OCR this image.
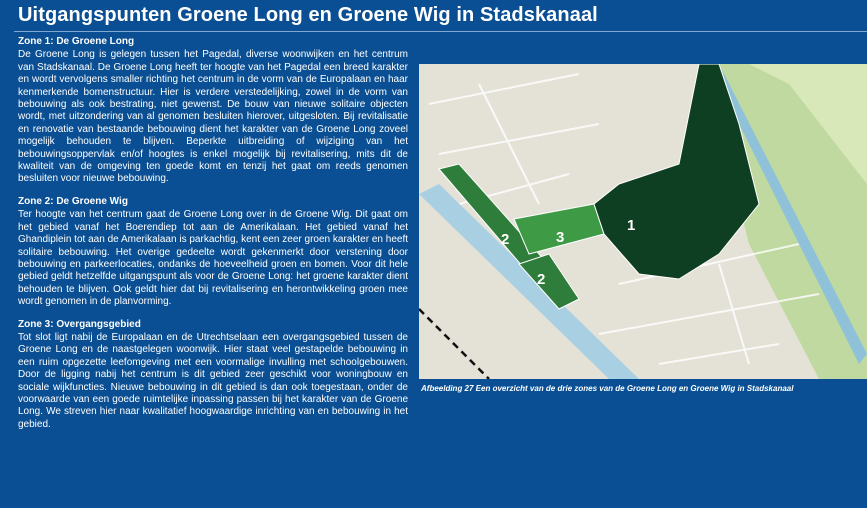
Uitgangspunten Groene Long en Groene Wig in Stadskanaal
Zone 1: De Groene Long

De Groene Long is gelegen tussen het Pagedal, diverse woonwijken en het centrum van Stadskanaal. De Groene Long heeft ter hoogte van het Pagedal een breed karakter en wordt vervolgens smaller richting het centrum in de vorm van de Europalaan en haar kenmerkende bomenstructuur. Hier is verdere verstedelijking, zowel in de vorm van bebouwing als ook bestrating, niet gewenst. De bouw van nieuwe solitaire objecten wordt, met uitzondering van al genomen besluiten hierover, uitgesloten. Bij revitalisatie en renovatie van bestaande bebouwing dient het karakter van de Groene Long zoveel mogelijk behouden te blijven. Beperkte uitbreiding of wijziging van het bebouwingsoppervlak en/of hoogtes is enkel mogelijk bij revitalisering, mits dit de kwaliteit van de omgeving ten goede komt en tenzij het gaat om reeds genomen besluiten voor nieuwe bebouwing.

Zone 2: De Groene Wig

Ter hoogte van het centrum gaat de Groene Long over in de Groene Wig. Dit gaat om het gebied vanaf het Boerendiep tot aan de Amerikalaan. Het gebied vanaf het Ghandiplein tot aan de Amerikalaan is parkachtig, kent een zeer groen karakter en heeft solitaire bebouwing. Het overige gedeelte wordt gekenmerkt door verstening door bebouwing en parkeerlocaties, ondanks de hoeveelheid groen en bomen. Voor dit hele gebied geldt hetzelfde uitgangspunt als voor de Groene Long: het groene karakter dient behouden te blijven. Ook geldt hier dat bij revitalisering en herontwikkeling groen mee wordt genomen in de planvorming.

Zone 3: Overgangsgebied

Tot slot ligt nabij de Europalaan en de Utrechtselaan een overgangsgebied tussen de Groene Long en de naastgelegen woonwijk. Hier staat veel gestapelde bebouwing in een ruim opgezette leefomgeving met een voormalige invulling met schoolgebouwen. Door de ligging nabij het centrum is dit gebied zeer geschikt voor woningbouw en sociale wijkfuncties. Nieuwe bebouwing in dit gebied is dan ook toegestaan, onder de voorwaarde van een goede ruimtelijke inpassing passen bij het karakter van de Groene Long. We streven hier naar kwalitatief hoogwaardige inrichting van en bebouwing in het gebied.

1
2	3
2
Afbeelding 27 Een overzicht van de drie zones van de Groene Long en Groene Wig in Stadskanaal
